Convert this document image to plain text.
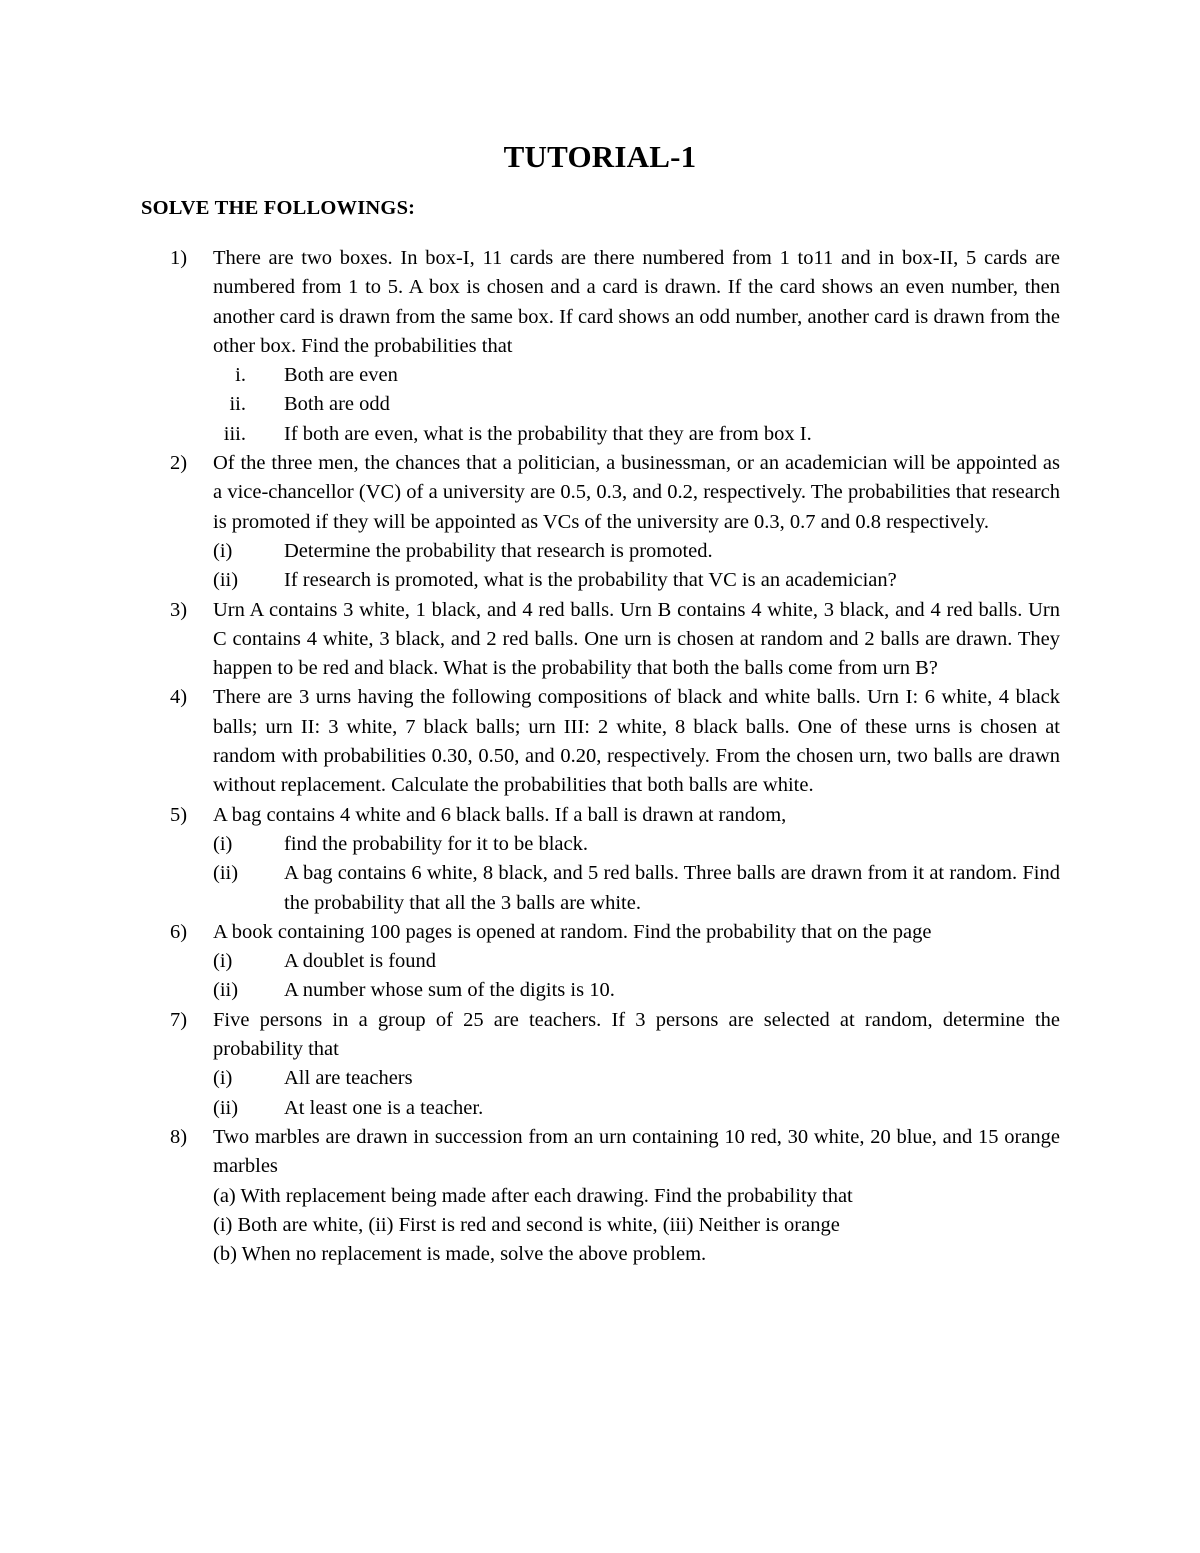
TUTORIAL-1
SOLVE THE FOLLOWINGS:
1) There are two boxes. In box-I, 11 cards are there numbered from 1 to11 and in box-II, 5 cards are numbered from 1 to 5. A box is chosen and a card is drawn. If the card shows an even number, then another card is drawn from the same box. If card shows an odd number, another card is drawn from the other box. Find the probabilities that
i. Both are even
ii. Both are odd
iii. If both are even, what is the probability that they are from box I.
2) Of the three men, the chances that a politician, a businessman, or an academician will be appointed as a vice-chancellor (VC) of a university are 0.5, 0.3, and 0.2, respectively. The probabilities that research is promoted if they will be appointed as VCs of the university are 0.3, 0.7 and 0.8 respectively.
(i)	Determine the probability that research is promoted.
(ii) If research is promoted, what is the probability that VC is an academician?
3) Urn A contains 3 white, 1 black, and 4 red balls. Urn B contains 4 white, 3 black, and 4 red balls. Urn C contains 4 white, 3 black, and 2 red balls. One urn is chosen at random and 2 balls are drawn. They happen to be red and black. What is the probability that both the balls come from urn B?
4) There are 3 urns having the following compositions of black and white balls. Urn I: 6 white, 4 black balls; urn II: 3 white, 7 black balls; urn III: 2 white, 8 black balls. One of these urns is chosen at random with probabilities 0.30, 0.50, and 0.20, respectively. From the chosen urn, two balls are drawn without replacement. Calculate the probabilities that both balls are white.
5) A bag contains 4 white and 6 black balls. If a ball is drawn at random,
(i)	find the probability for it to be black.
(ii) A bag contains 6 white, 8 black, and 5 red balls. Three balls are drawn from it at random. Find the probability that all the 3 balls are white.
6) A book containing 100 pages is opened at random. Find the probability that on the page
(i)	A doublet is found
(ii) A number whose sum of the digits is 10.
7) Five persons in a group of 25 are teachers. If 3 persons are selected at random, determine the probability that
(i)	All are teachers
(ii) At least one is a teacher.
8) Two marbles are drawn in succession from an urn containing 10 red, 30 white, 20 blue, and 15 orange marbles
(a) With replacement being made after each drawing. Find the probability that
(i) Both are white, (ii) First is red and second is white, (iii) Neither is orange
(b) When no replacement is made, solve the above problem.
